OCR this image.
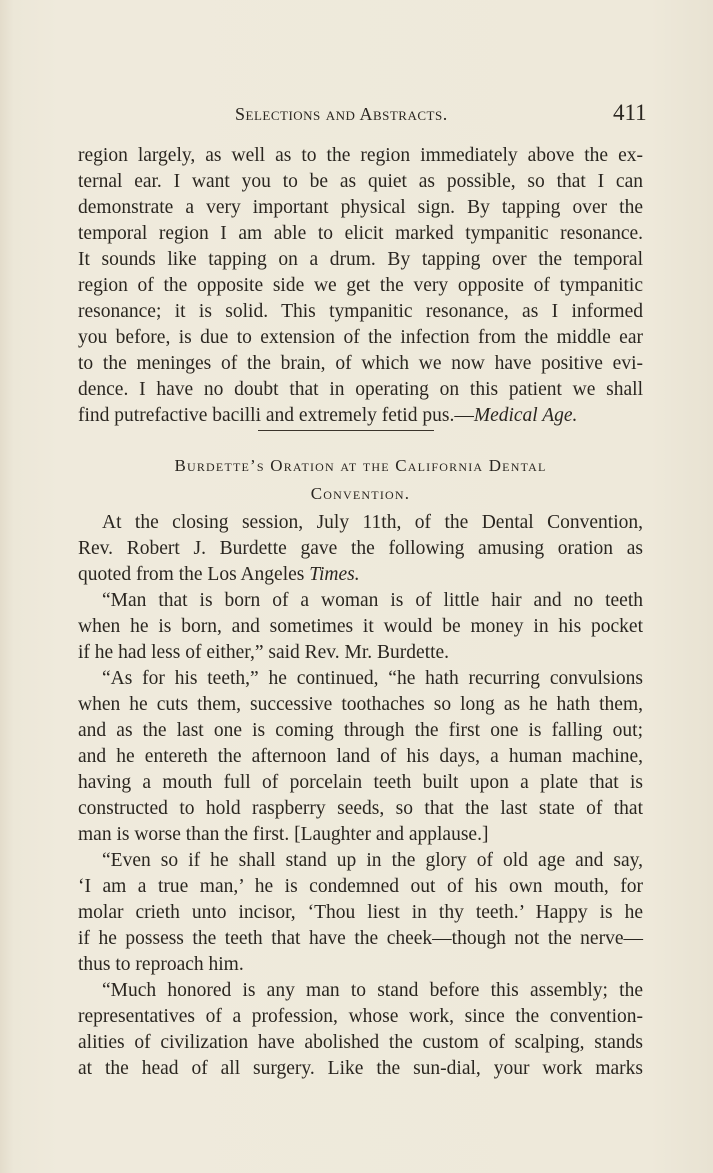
Selections and Abstracts.	411
region largely, as well as to the region immediately above the ex-
ternal ear. I want you to be as quiet as possible, so that I can
demonstrate a very important physical sign. By tapping over the
temporal region I am able to elicit marked tympanitic resonance.
It sounds like tapping on a drum. By tapping over the temporal
region of the opposite side we get the very opposite of tympanitic
resonance; it is solid. This tympanitic resonance, as I informed
you before, is due to extension of the infection from the middle ear
to the meninges of the brain, of which we now have positive evi-
dence. I have no doubt that in operating on this patient we shall
find putrefactive bacilli and extremely fetid pus.—Medical Age.
Burdette’s Oration at the California Dental
Convention.
At the closing session, July 11th, of the Dental Convention,
Rev. Robert J. Burdette gave the following amusing oration as
quoted from the Los Angeles Times.
“Man that is born of a woman is of little hair and no teeth
when he is born, and sometimes it would be money in his pocket
if he had less of either,” said Rev. Mr. Burdette.
“As for his teeth,” he continued, “he hath recurring convulsions
when he cuts them, successive toothaches so long as he hath them,
and as the last one is coming through the first one is falling out;
and he entereth the afternoon land of his days, a human machine,
having a mouth full of porcelain teeth built upon a plate that is
constructed to hold raspberry seeds, so that the last state of that
man is worse than the first. [Laughter and applause.]
“Even so if he shall stand up in the glory of old age and say,
‘I am a true man,’ he is condemned out of his own mouth, for
molar crieth unto incisor, ‘Thou liest in thy teeth.’ Happy is he
if he possess the teeth that have the cheek—though not the nerve—
thus to reproach him.
“Much honored is any man to stand before this assembly; the
representatives of a profession, whose work, since the convention-
alities of civilization have abolished the custom of scalping, stands
at the head of all surgery. Like the sun-dial, your work marks
